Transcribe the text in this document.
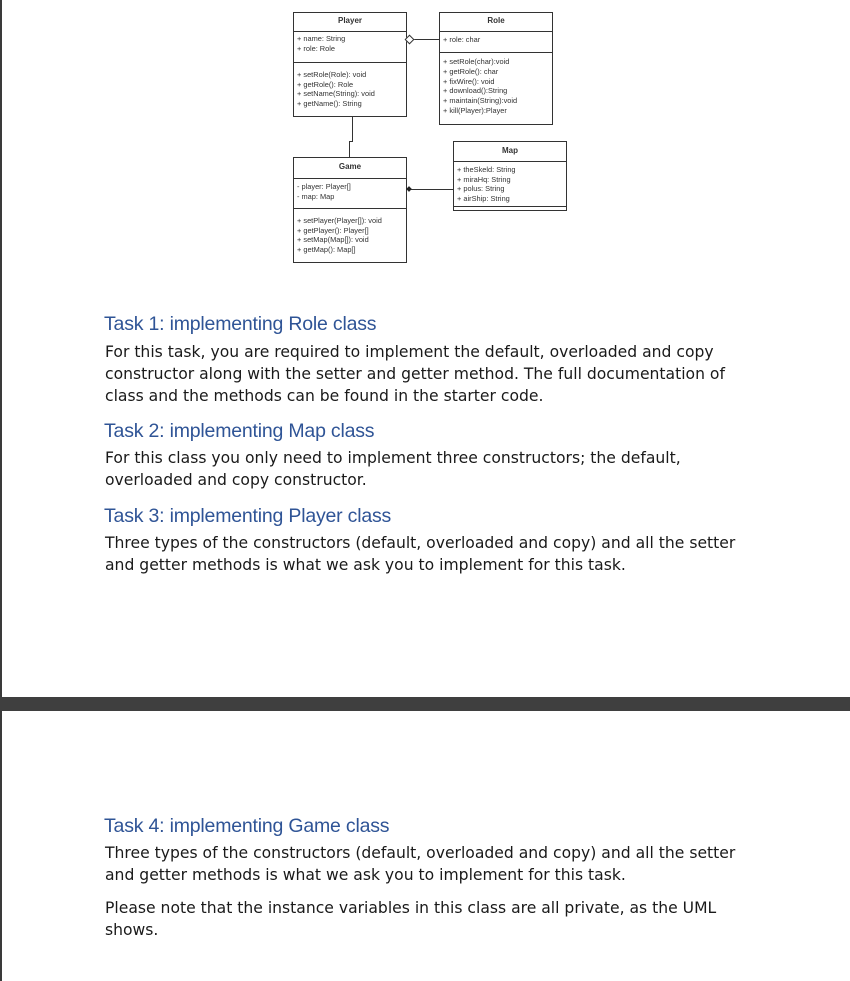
Player
+ name: String
+ role: Role
+ setRole(Role): void
+ getRole(): Role
+ setName(String): void
+ getName(): String
Role
+ role: char
+ setRole(char):void
+ getRole(): char
+ fixWire(): void
+ download():String
+ maintain(String):void
+ kill(Player):Player
Game
- player: Player[]
- map: Map
+ setPlayer(Player[]): void
+ getPlayer(): Player[]
+ setMap(Map[]): void
+ getMap(): Map[]
Map
+ theSkeld: String
+ miraHq: String
+ polus: String
+ airShip: String
Task 1: implementing Role class

For this task, you are required to implement the default, overloaded and copy constructor along with the setter and getter method. The full documentation of class and the methods can be found in the starter code.

Task 2: implementing Map class

For this class you only need to implement three constructors; the default, overloaded and copy constructor.

Task 3: implementing Player class

Three types of the constructors (default, overloaded and copy) and all the setter and getter methods is what we ask you to implement for this task.

Task 4: implementing Game class

Three types of the constructors (default, overloaded and copy) and all the setter and getter methods is what we ask you to implement for this task.

Please note that the instance variables in this class are all private, as the UML shows.
